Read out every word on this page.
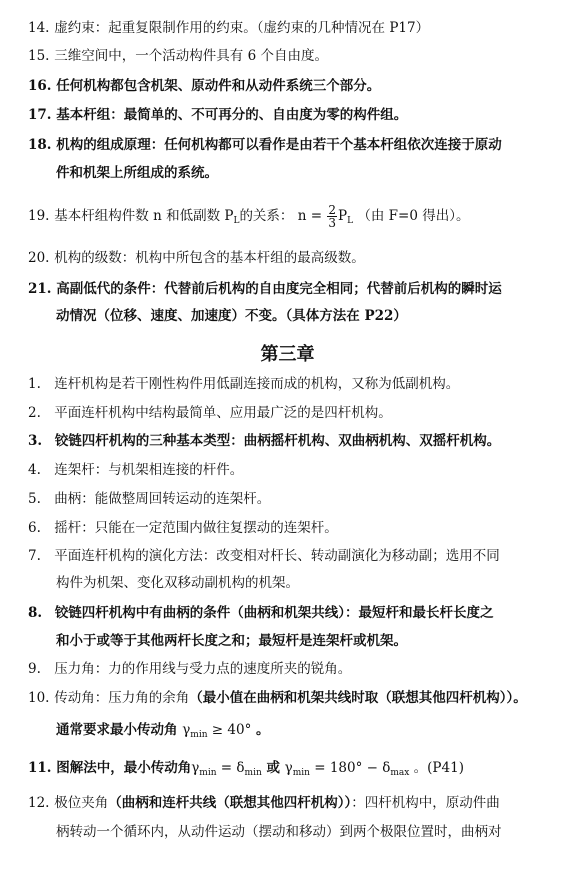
14. 虚约束：起重复限制作用的约束。（虚约束的几种情况在 P17）
15. 三维空间中，一个活动构件具有 6 个自由度。
16. 任何机构都包含机架、原动件和从动件系统三个部分。
17. 基本杆组：最简单的、不可再分的、自由度为零的构件组。
18. 机构的组成原理：任何机构都可以看作是由若干个基本杆组依次连接于原动
件和机架上所组成的系统。
19. 基本杆组构件数 n 和低副数 $P_L$的关系： $n = \frac{2}{3} P_L$ （由 F=0 得出）。
20. 机构的级数：机构中所包含的基本杆组的最高级数。
21. 高副低代的条件：代替前后机构的自由度完全相同；代替前后机构的瞬时运
动情况（位移、速度、加速度）不变。（具体方法在 P22）
第三章
1. 连杆机构是若干刚性构件用低副连接而成的机构，又称为低副机构。
2. 平面连杆机构中结构最简单、应用最广泛的是四杆机构。
3. 铰链四杆机构的三种基本类型：曲柄摇杆机构、双曲柄机构、双摇杆机构。
4. 连架杆：与机架相连接的杆件。
5. 曲柄：能做整周回转运动的连架杆。
6. 摇杆：只能在一定范围内做往复摆动的连架杆。
7. 平面连杆机构的演化方法：改变相对杆长、转动副演化为移动副；选用不同
构件为机架、变化双移动副机构的机架。
8. 铰链四杆机构中有曲柄的条件（曲柄和机架共线）：最短杆和最长杆长度之
和小于或等于其他两杆长度之和；最短杆是连架杆或机架。
9. 压力角：力的作用线与受力点的速度所夹的锐角。
10. 传动角：压力角的余角（最小值在曲柄和机架共线时取（联想其他四杆机构））。
通常要求最小传动角 $\gamma_{min} \ge 40^\circ$ 。
11. 图解法中，最小传动角$\gamma_{min} = \delta_{min}$ 或 $\gamma_{min} = 180^\circ - \delta_{max}$ 。(P41)
12. 极位夹角（曲柄和连杆共线（联想其他四杆机构））：四杆机构中，原动件曲
柄转动一个循环内，从动件运动（摆动和移动）到两个极限位置时，曲柄对
